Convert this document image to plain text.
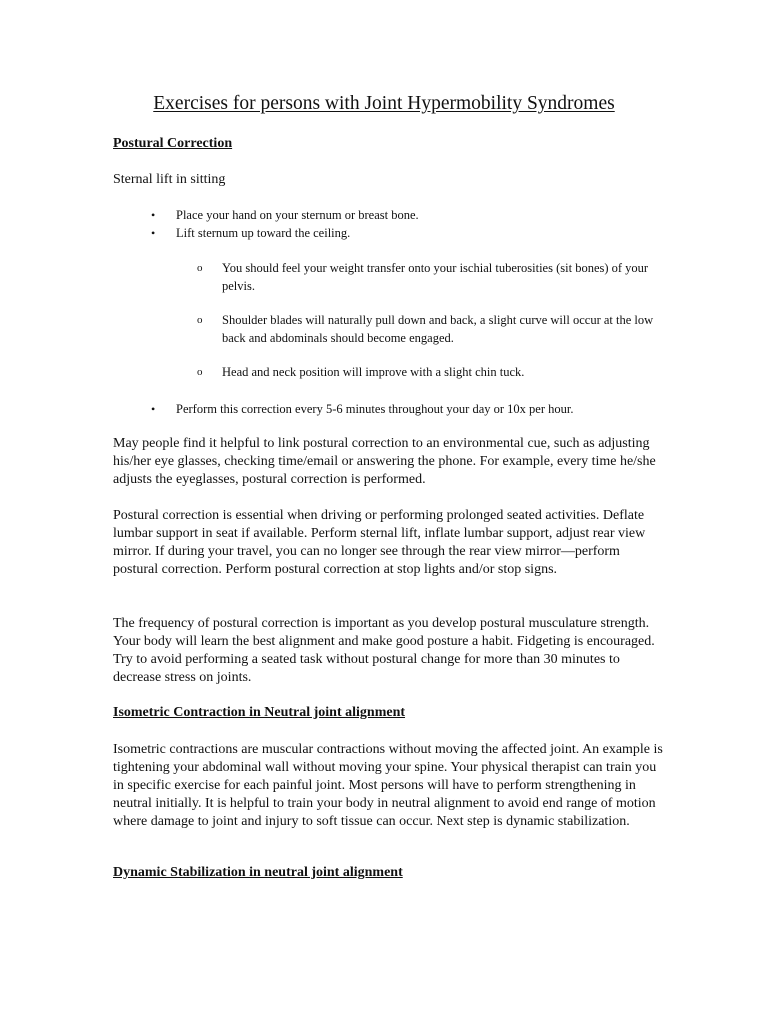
Exercises for persons with Joint Hypermobility Syndromes
Postural Correction

Sternal lift in sitting

•	Place your hand on your sternum or breast bone.
•	Lift sternum up toward the ceiling.
o	You should feel your weight transfer onto your ischial tuberosities (sit bones) of your pelvis.
o	Shoulder blades will naturally pull down and back, a slight curve will occur at the low back and abdominals should become engaged.
o	Head and neck position will improve with a slight chin tuck.
•	Perform this correction every 5-6 minutes throughout your day or 10x per hour.

May people find it helpful to link postural correction to an environmental cue, such as adjusting his/her eye glasses, checking time/email or answering the phone. For example, every time he/she adjusts the eyeglasses, postural correction is performed.

Postural correction is essential when driving or performing prolonged seated activities. Deflate lumbar support in seat if available. Perform sternal lift, inflate lumbar support, adjust rear view mirror. If during your travel, you can no longer see through the rear view mirror—perform postural correction. Perform postural correction at stop lights and/or stop signs.

The frequency of postural correction is important as you develop postural musculature strength. Your body will learn the best alignment and make good posture a habit. Fidgeting is encouraged. Try to avoid performing a seated task without postural change for more than 30 minutes to decrease stress on joints.

Isometric Contraction in Neutral joint alignment

Isometric contractions are muscular contractions without moving the affected joint. An example is tightening your abdominal wall without moving your spine. Your physical therapist can train you in specific exercise for each painful joint. Most persons will have to perform strengthening in neutral initially. It is helpful to train your body in neutral alignment to avoid end range of motion where damage to joint and injury to soft tissue can occur. Next step is dynamic stabilization.

Dynamic Stabilization in neutral joint alignment
